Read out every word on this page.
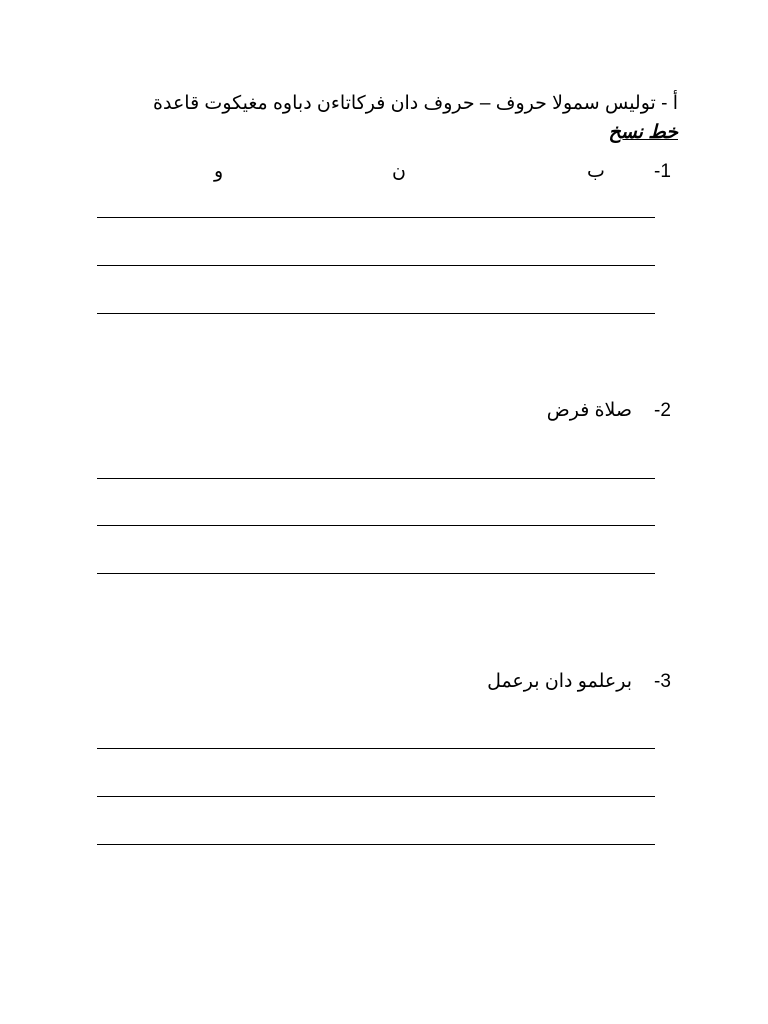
أ - توليس سمولا حروف – حروف دان فركاتاءن دباوه مغيكوت قاعدة
خط نسخ
-1
ب
ن
و
-2
صلاة فرض
-3
برعلمو دان برعمل
